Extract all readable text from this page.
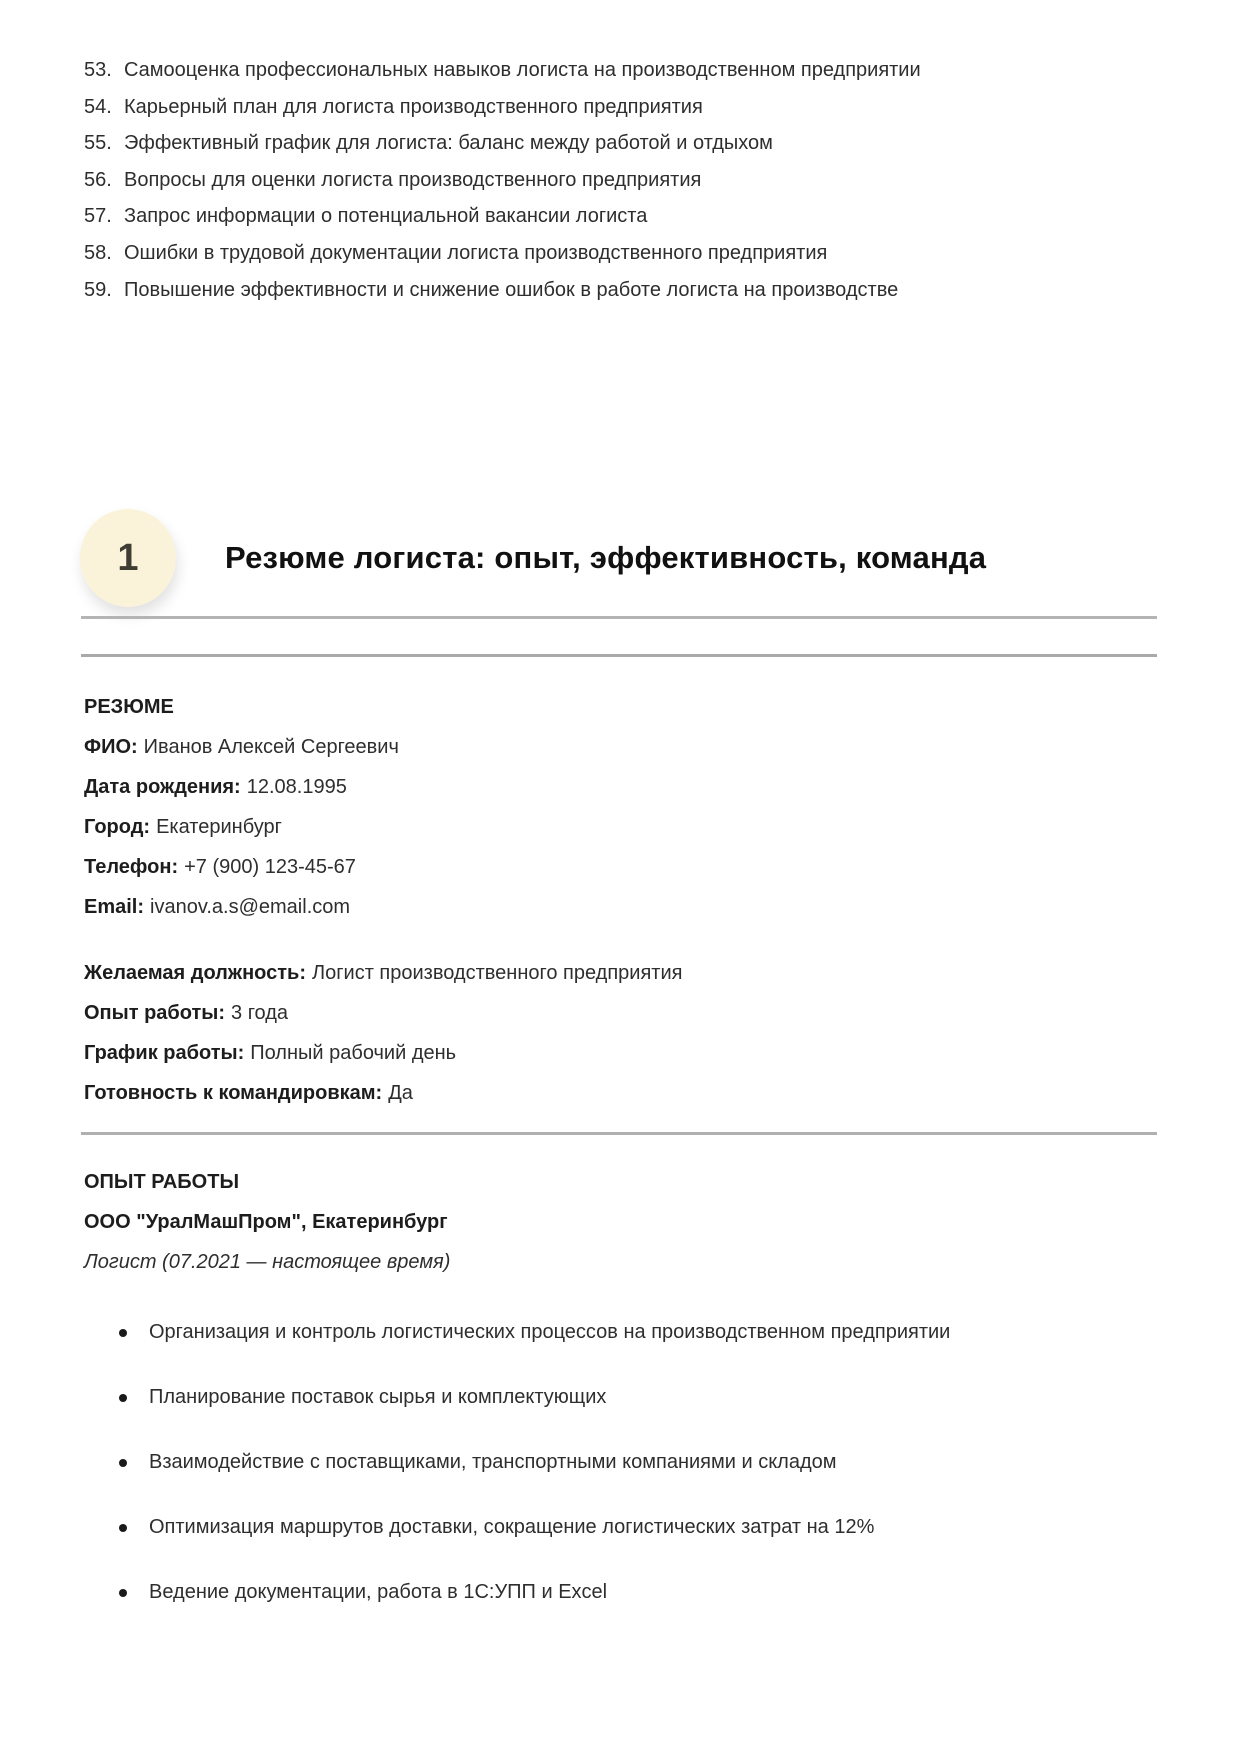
53. Самооценка профессиональных навыков логиста на производственном предприятии
54. Карьерный план для логиста производственного предприятия
55. Эффективный график для логиста: баланс между работой и отдыхом
56. Вопросы для оценки логиста производственного предприятия
57. Запрос информации о потенциальной вакансии логиста
58. Ошибки в трудовой документации логиста производственного предприятия
59. Повышение эффективности и снижение ошибок в работе логиста на производстве
1	Резюме логиста: опыт, эффективность, команда

РЕЗЮМЕ

ФИО: Иванов Алексей Сергеевич

Дата рождения: 12.08.1995

Город: Екатеринбург

Телефон: +7 (900) 123-45-67

Email: ivanov.a.s@email.com

Желаемая должность: Логист производственного предприятия

Опыт работы: 3 года

График работы: Полный рабочий день

Готовность к командировкам: Да

ОПЫТ РАБОТЫ

ООО "УралМашПром", Екатеринбург

Логист (07.2021 — настоящее время)

Организация и контроль логистических процессов на производственном предприятии
Планирование поставок сырья и комплектующих
Взаимодействие с поставщиками, транспортными компаниями и складом
Оптимизация маршрутов доставки, сокращение логистических затрат на 12%
Ведение документации, работа в 1С:УПП и Excel
